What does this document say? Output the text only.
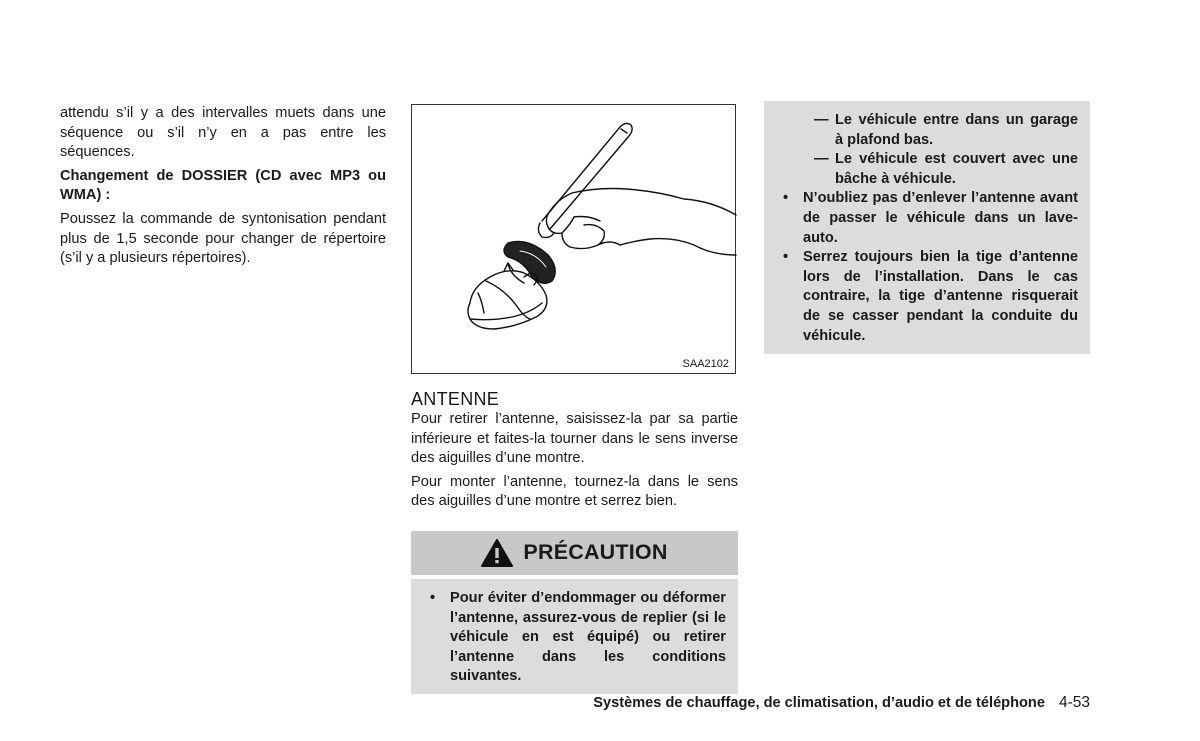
attendu s’il y a des intervalles muets dans une séquence ou s’il n’y en a pas entre les séquences.

Changement de DOSSIER (CD avec MP3 ou WMA) :

Poussez la commande de syntonisation pendant plus de 1,5 seconde pour changer de répertoire (s’il y a plusieurs répertoires).

SAA2102
ANTENNE

Pour retirer l’antenne, saisissez-la par sa partie inférieure et faites-la tourner dans le sens inverse des aiguilles d’une montre.

Pour monter l’antenne, tournez-la dans le sens des aiguilles d’une montre et serrez bien.

PRÉCAUTION
• Pour éviter d’endommager ou déformer l’antenne, assurez-vous de replier (si le véhicule en est équipé) ou retirer l’antenne dans les conditions suivantes.
— Le véhicule entre dans un garage à plafond bas.
— Le véhicule est couvert avec une bâche à véhicule.
• N’oubliez pas d’enlever l’antenne avant de passer le véhicule dans un lave-auto.
• Serrez toujours bien la tige d’antenne lors de l’installation. Dans le cas contraire, la tige d’antenne risquerait de se casser pendant la conduite du véhicule.
Systèmes de chauffage, de climatisation, d’audio et de téléphone 4-53
